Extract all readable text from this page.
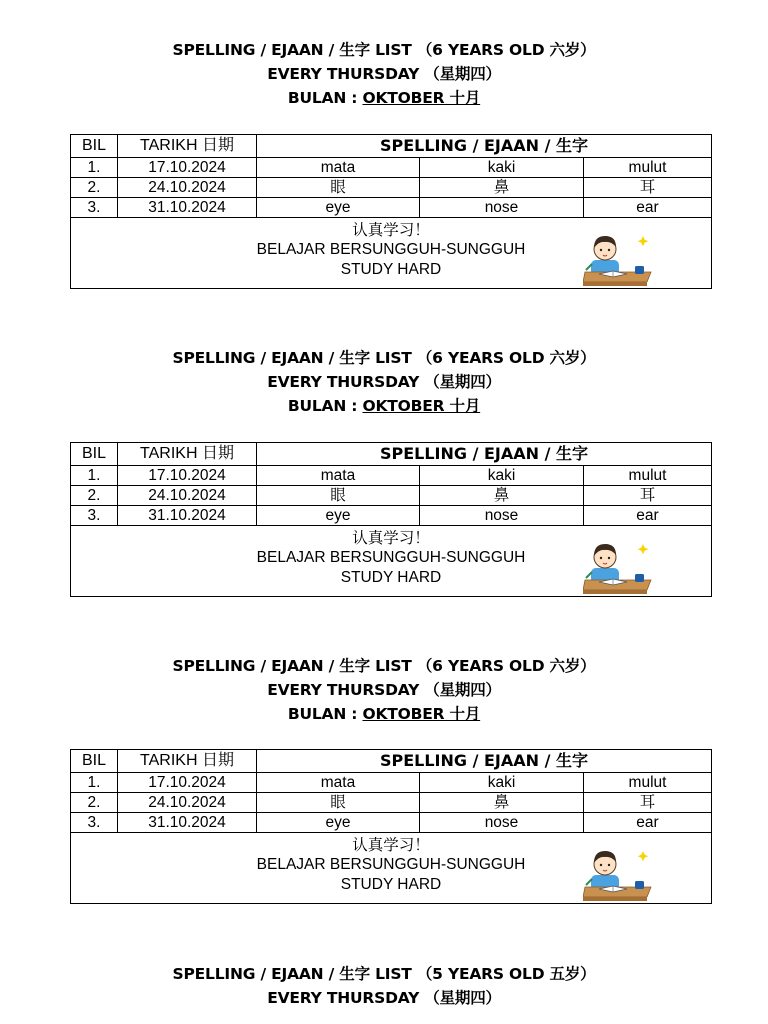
SPELLING / EJAAN / 生字 LIST （6 YEARS OLD 六岁）
EVERY THURSDAY （星期四）
BULAN : OKTOBER 十月
BIL	TARIKH 日期	SPELLING / EJAAN / 生字		
1.	17.10.2024	mata	kaki	mulut
2.	24.10.2024	眼	鼻	耳
3.	31.10.2024	eye	nose	ear

认真学习！
BELAJAR BERSUNGGUH-SUNGGUH
STUDY HARD				
SPELLING / EJAAN / 生字 LIST （6 YEARS OLD 六岁）
EVERY THURSDAY （星期四）
BULAN : OKTOBER 十月
BIL	TARIKH 日期	SPELLING / EJAAN / 生字		
1.	17.10.2024	mata	kaki	mulut
2.	24.10.2024	眼	鼻	耳
3.	31.10.2024	eye	nose	ear

认真学习！
BELAJAR BERSUNGGUH-SUNGGUH
STUDY HARD				
SPELLING / EJAAN / 生字 LIST （6 YEARS OLD 六岁）
EVERY THURSDAY （星期四）
BULAN : OKTOBER 十月
BIL	TARIKH 日期	SPELLING / EJAAN / 生字		
1.	17.10.2024	mata	kaki	mulut
2.	24.10.2024	眼	鼻	耳
3.	31.10.2024	eye	nose	ear

认真学习！
BELAJAR BERSUNGGUH-SUNGGUH
STUDY HARD				
SPELLING / EJAAN / 生字 LIST （5 YEARS OLD 五岁）
EVERY THURSDAY （星期四）
